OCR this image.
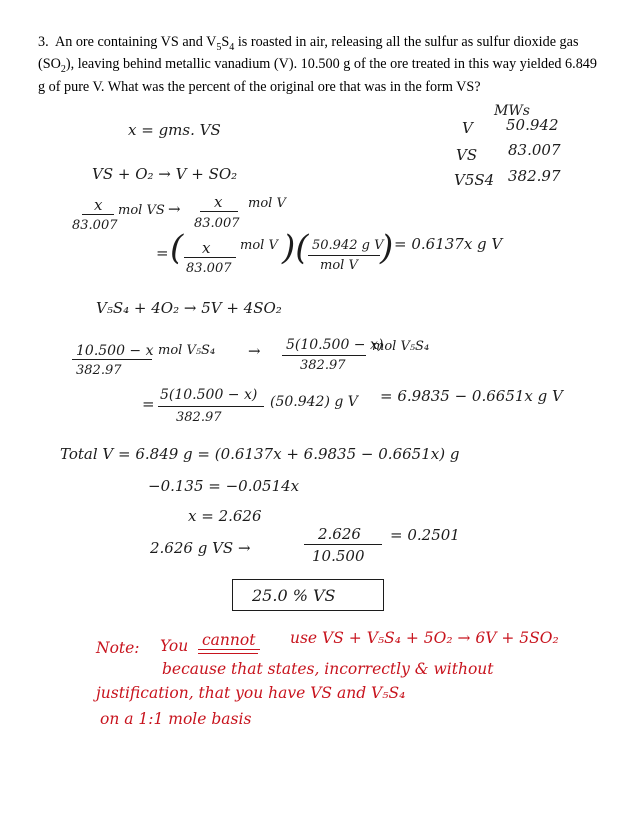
3. An ore containing VS and $V_5S_4$ is roasted in air, releasing all the sulfur as sulfur dioxide gas $(SO_2)$, leaving behind metallic vanadium (V). 10.500 g of the ore treated in this way yielded 6.849 g of pure V. What was the percent of the original ore that was in the form VS?
MWs
V 50.942
VS 83.007
V5S4 382.97
x = gms. VS
VS + O₂ → V + SO₂
x
83.007
mol VS → x
83.007
mol V
= ( x
83.007
mol V )( 50.942 g V
mol V ) = 0.6137x g V
V₅S₄ + 4O₂ → 5V + 4SO₂
10.500 − x
382.97
mol V₅S₄ → 5(10.500 − x)
382.97
mol V₅S₄
= 5(10.500 − x)
382.97
(50.942) g V = 6.9835 − 0.6651x g V
Total V = 6.849 g = (0.6137x + 6.9835 − 0.6651x) g
−0.135 = −0.0514x
x = 2.626
2.626 g VS →
2.626
10.500
= 0.2501
25.0 % VS
Note: You cannot use VS + V₅S₄ + 5O₂ → 6V + 5SO₂
because that states, incorrectly & without
justification, that you have VS and V₅S₄
on a 1:1 mole basis
